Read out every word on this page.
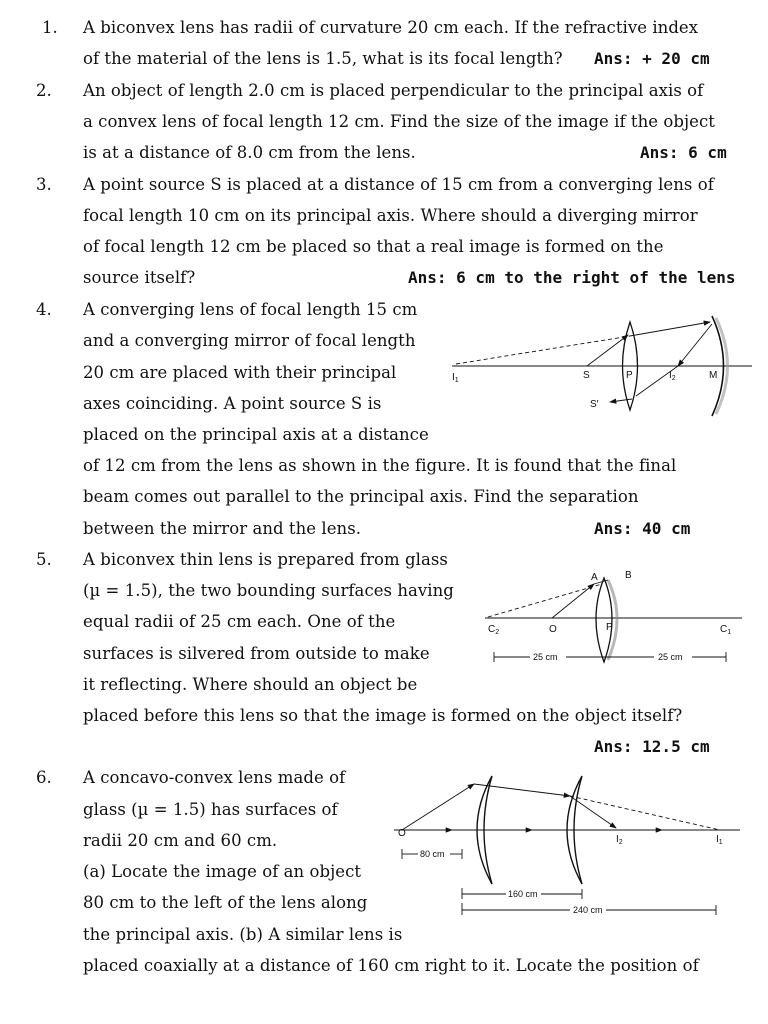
1. A biconvex lens has radii of curvature 20 cm each. If the refractive index
of the material of the lens is 1.5, what is its focal length? Ans: + 20 cm
2. An object of length 2.0 cm is placed perpendicular to the principal axis of
a convex lens of focal length 12 cm. Find the size of the image if the object
is at a distance of 8.0 cm from the lens.	Ans: 6 cm
3. A point source S is placed at a distance of 15 cm from a converging lens of
focal length 10 cm on its principal axis. Where should a diverging mirror
of focal length 12 cm be placed so that a real image is formed on the
source itself?	Ans: 6 cm to the right of the lens
4. A converging lens of focal length 15 cm
and a converging mirror of focal length
20 cm are placed with their principal
axes coinciding. A point source S is
placed on the principal axis at a distance
of 12 cm from the lens as shown in the figure. It is found that the final
beam comes out parallel to the principal axis. Find the separation
between the mirror and the lens.	Ans: 40 cm
$I_1$	S	P	$I_2$	M
S′
5. A biconvex thin lens is prepared from glass
(µ = 1.5), the two bounding surfaces having
equal radii of 25 cm each. One of the
surfaces is silvered from outside to make
it reflecting. Where should an object be
placed before this lens so that the image is formed on the object itself?
Ans: 12.5 cm
A	B
$C_2$	O	P	$C_1$
25 cm	25 cm
6. A concavo-convex lens made of
glass (µ = 1.5) has surfaces of
radii 20 cm and 60 cm.
(a) Locate the image of an object
80 cm to the left of the lens along
the principal axis. (b) A similar lens is
placed coaxially at a distance of 160 cm right to it. Locate the position of
O
$I_2$	$I_1$
80 cm
160 cm
240 cm
